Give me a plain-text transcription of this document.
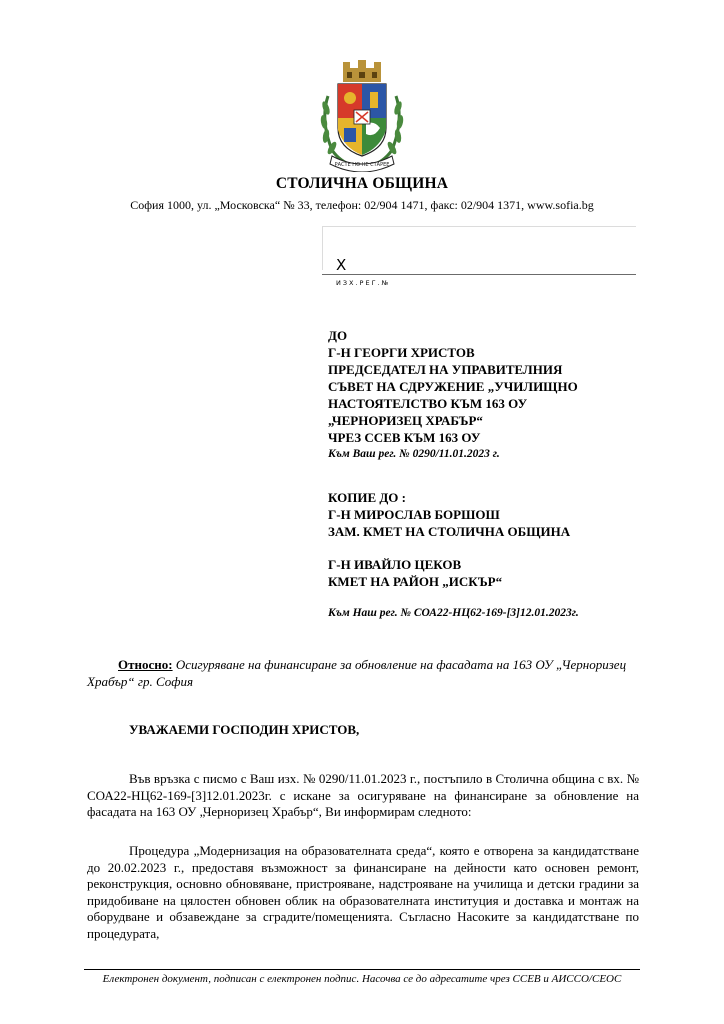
РАСТЕ НО НЕ СТАРЕЕ
СТОЛИЧНА ОБЩИНА
София 1000, ул. „Московска“ № 33, телефон: 02/904 1471, факс: 02/904 1371, www.sofia.bg
X
ИЗХ.РЕГ.№
ДО
Г-Н ГЕОРГИ ХРИСТОВ
ПРЕДСЕДАТЕЛ НА УПРАВИТЕЛНИЯ
СЪВЕТ НА СДРУЖЕНИЕ „УЧИЛИЩНО
НАСТОЯТЕЛСТВО КЪМ 163 ОУ
„ЧЕРНОРИЗЕЦ ХРАБЪР“
ЧРЕЗ ССЕВ КЪМ 163 ОУ
Към Ваш рег. № 0290/11.01.2023 г.
КОПИЕ ДО :
Г-Н МИРОСЛАВ БОРШОШ
ЗАМ. КМЕТ НА СТОЛИЧНА ОБЩИНА
Г-Н ИВАЙЛО ЦЕКОВ
КМЕТ НА РАЙОН „ИСКЪР“
Към Наш рег. № СОА22-НЦ62-169-[3]12.01.2023г.
Относно: Осигуряване на финансиране за обновление на фасадата на 163 ОУ „Черноризец Храбър“ гр. София
УВАЖАЕМИ ГОСПОДИН ХРИСТОВ,
Във връзка с писмо с Ваш изх. № 0290/11.01.2023 г., постъпило в Столична община с вх. № СОА22-НЦ62-169-[3]12.01.2023г. с искане за осигуряване на финансиране за обновление на фасадата на 163 ОУ „Черноризец Храбър“, Ви информирам следното:
Процедура „Модернизация на образователната среда“, която е отворена за кандидатстване до 20.02.2023 г., предоставя възможност за финансиране на дейности като основен ремонт, реконструкция, основно обновяване, пристрояване, надстрояване на училища и детски градини за придобиване на цялостен обновен облик на образователната институция и доставка и монтаж на оборудване и обзавеждане за сградите/помещенията. Съгласно Насоките за кандидатстване по процедурата,
Електронен документ, подписан с електронен подпис. Насочва се до адресатите чрез ССЕВ и АИССО/СЕОС
